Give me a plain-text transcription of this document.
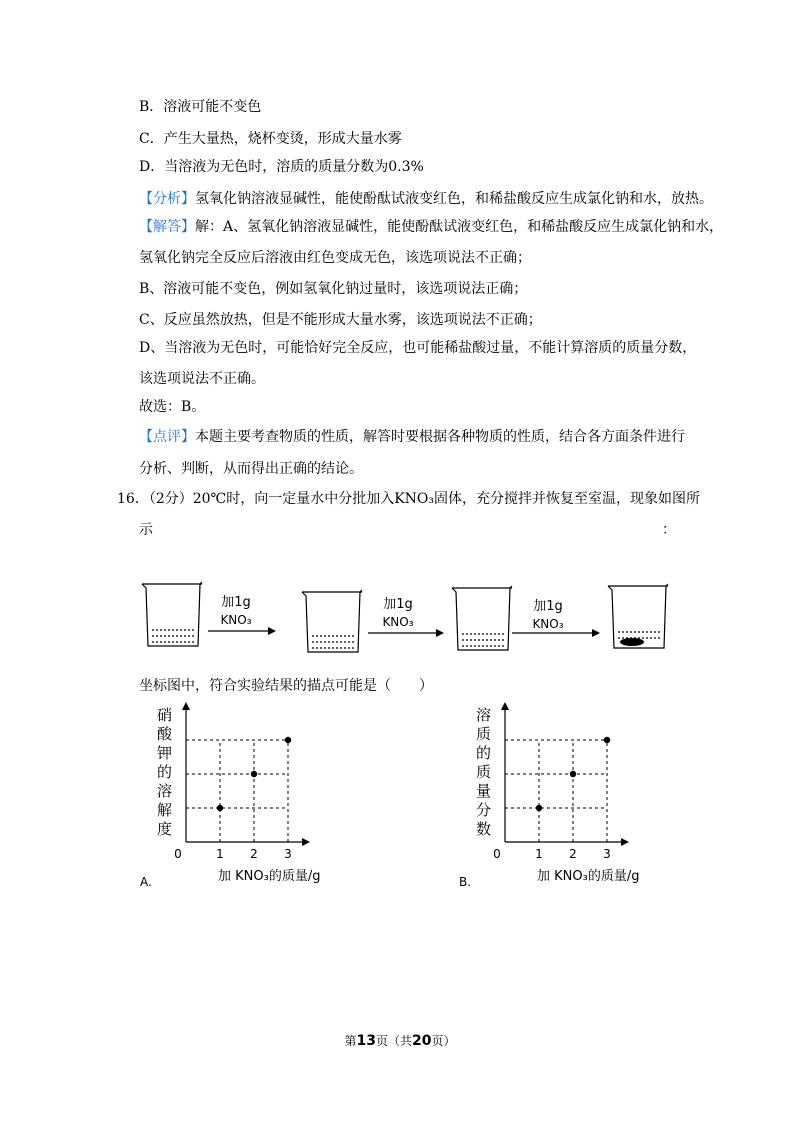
B．溶液可能不变色
C．产生大量热，烧杯变烫，形成大量水雾
D．当溶液为无色时，溶质的质量分数为0.3%
【分析】氢氧化钠溶液显碱性，能使酚酞试液变红色，和稀盐酸反应生成氯化钠和水，放热。
【解答】解：A、氢氧化钠溶液显碱性，能使酚酞试液变红色，和稀盐酸反应生成氯化钠和水，
氢氧化钠完全反应后溶液由红色变成无色，该选项说法不正确；
B、溶液可能不变色，例如氢氧化钠过量时，该选项说法正确；
C、反应虽然放热，但是不能形成大量水雾，该选项说法不正确；
D、当溶液为无色时，可能恰好完全反应，也可能稀盐酸过量，不能计算溶质的质量分数，
该选项说法不正确。
故选：B。
【点评】本题主要考查物质的性质，解答时要根据各种物质的性质，结合各方面条件进行
分析、判断，从而得出正确的结论。
16．（2分）20℃时，向一定量水中分批加入KNO₃固体，充分搅拌并恢复至室温，现象如图所
示	：
加1g
KNO₃
加1g
KNO₃
加1g
KNO₃
坐标图中，符合实验结果的描点可能是（　　）
硝
酸
钾
的
溶
解
度
0	1 2 3
A.	加 KNO₃的质量/g
溶
质
的
质
量
分
数
0	1 2 3
B.	加 KNO₃的质量/g
第13页（共20页）
